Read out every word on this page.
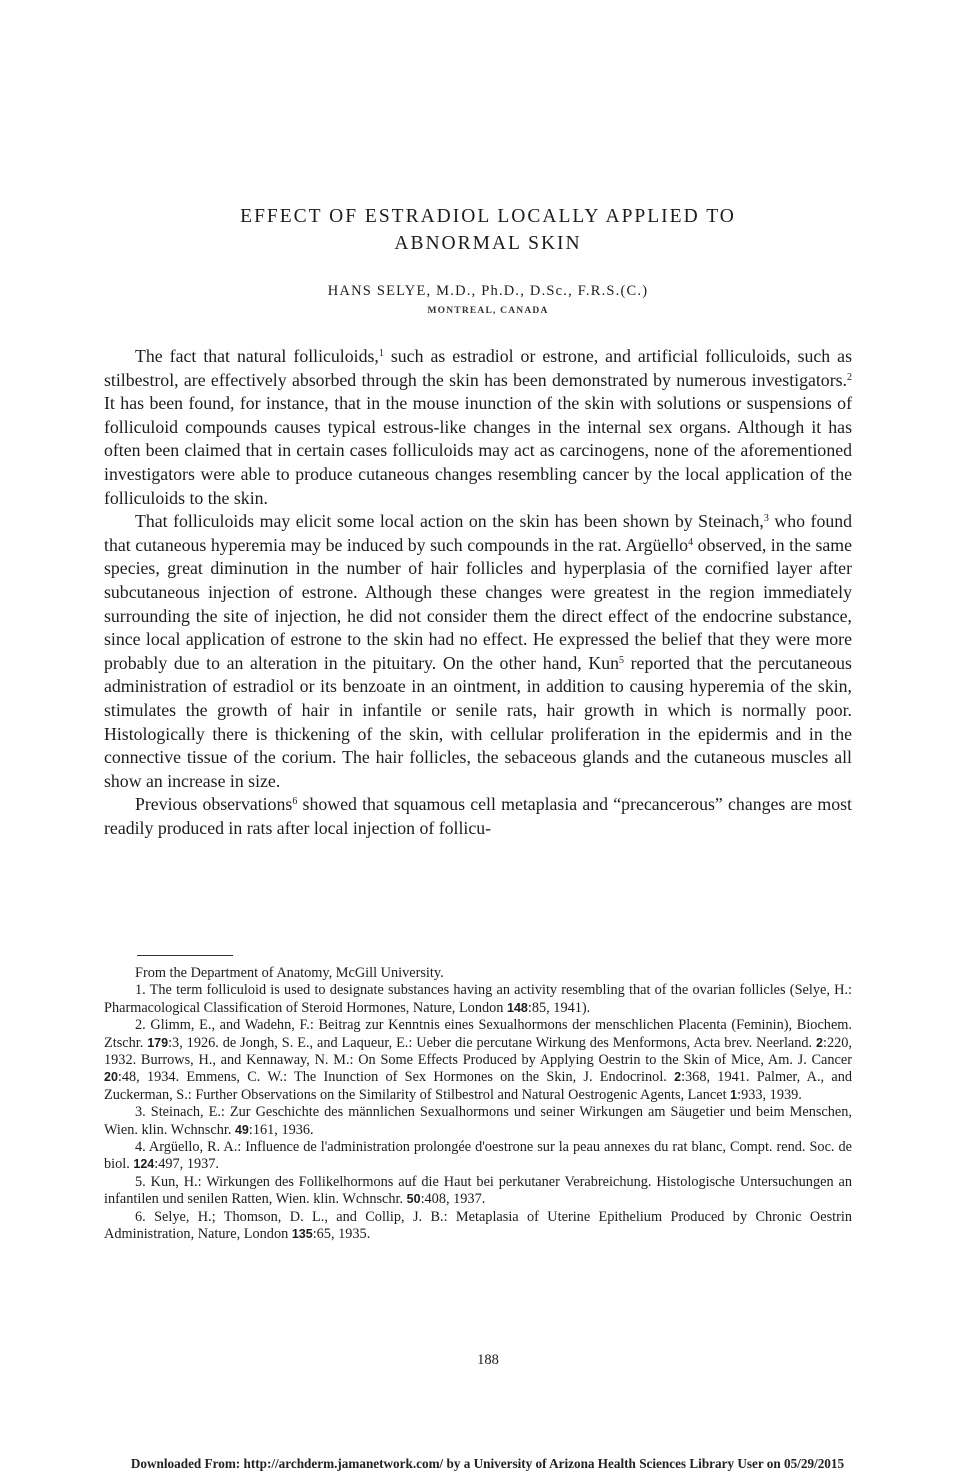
EFFECT OF ESTRADIOL LOCALLY APPLIED TO
ABNORMAL SKIN
HANS SELYE, M.D., Ph.D., D.Sc., F.R.S.(C.)
MONTREAL, CANADA

The fact that natural folliculoids,$^1$ such as estradiol or estrone, and artificial folliculoids, such as stilbestrol, are effectively absorbed through the skin has been demonstrated by numerous investigators.$^2$ It has been found, for instance, that in the mouse inunction of the skin with solutions or suspensions of folliculoid compounds causes typical estrous-like changes in the internal sex organs. Although it has often been claimed that in certain cases folliculoids may act as carcinogens, none of the aforementioned investigators were able to produce cutaneous changes resembling cancer by the local application of the folliculoids to the skin.

That folliculoids may elicit some local action on the skin has been shown by Steinach,$^3$ who found that cutaneous hyperemia may be induced by such compounds in the rat. Argüello$^4$ observed, in the same species, great diminution in the number of hair follicles and hyperplasia of the cornified layer after subcutaneous injection of estrone. Although these changes were greatest in the region immediately surrounding the site of injection, he did not consider them the direct effect of the endocrine substance, since local application of estrone to the skin had no effect. He expressed the belief that they were more probably due to an alteration in the pituitary. On the other hand, Kun$^5$ reported that the percutaneous administration of estradiol or its benzoate in an ointment, in addition to causing hyperemia of the skin, stimulates the growth of hair in infantile or senile rats, hair growth in which is normally poor. Histologically there is thickening of the skin, with cellular proliferation in the epidermis and in the connective tissue of the corium. The hair follicles, the sebaceous glands and the cutaneous muscles all show an increase in size.

Previous observations$^6$ showed that squamous cell metaplasia and “precancerous” changes are most readily produced in rats after local injection of follicu-

From the Department of Anatomy, McGill University.

1. The term folliculoid is used to designate substances having an activity resembling that of the ovarian follicles (Selye, H.: Pharmacological Classification of Steroid Hormones, Nature, London 148:85, 1941).

2. Glimm, E., and Wadehn, F.: Beitrag zur Kenntnis eines Sexualhormons der menschlichen Placenta (Feminin), Biochem. Ztschr. 179:3, 1926. de Jongh, S. E., and Laqueur, E.: Ueber die percutane Wirkung des Menformons, Acta brev. Neerland. 2:220, 1932. Burrows, H., and Kennaway, N. M.: On Some Effects Produced by Applying Oestrin to the Skin of Mice, Am. J. Cancer 20:48, 1934. Emmens, C. W.: The Inunction of Sex Hormones on the Skin, J. Endocrinol. 2:368, 1941. Palmer, A., and Zuckerman, S.: Further Observations on the Similarity of Stilbestrol and Natural Oestrogenic Agents, Lancet 1:933, 1939.

3. Steinach, E.: Zur Geschichte des männlichen Sexualhormons und seiner Wirkungen am Säugetier und beim Menschen, Wien. klin. Wchnschr. 49:161, 1936.

4. Argüello, R. A.: Influence de l'administration prolongée d'oestrone sur la peau annexes du rat blanc, Compt. rend. Soc. de biol. 124:497, 1937.

5. Kun, H.: Wirkungen des Follikelhormons auf die Haut bei perkutaner Verabreichung. Histologische Untersuchungen an infantilen und senilen Ratten, Wien. klin. Wchnschr. 50:408, 1937.

6. Selye, H.; Thomson, D. L., and Collip, J. B.: Metaplasia of Uterine Epithelium Produced by Chronic Oestrin Administration, Nature, London 135:65, 1935.

188
Downloaded From: http://archderm.jamanetwork.com/ by a University of Arizona Health Sciences Library User on 05/29/2015
